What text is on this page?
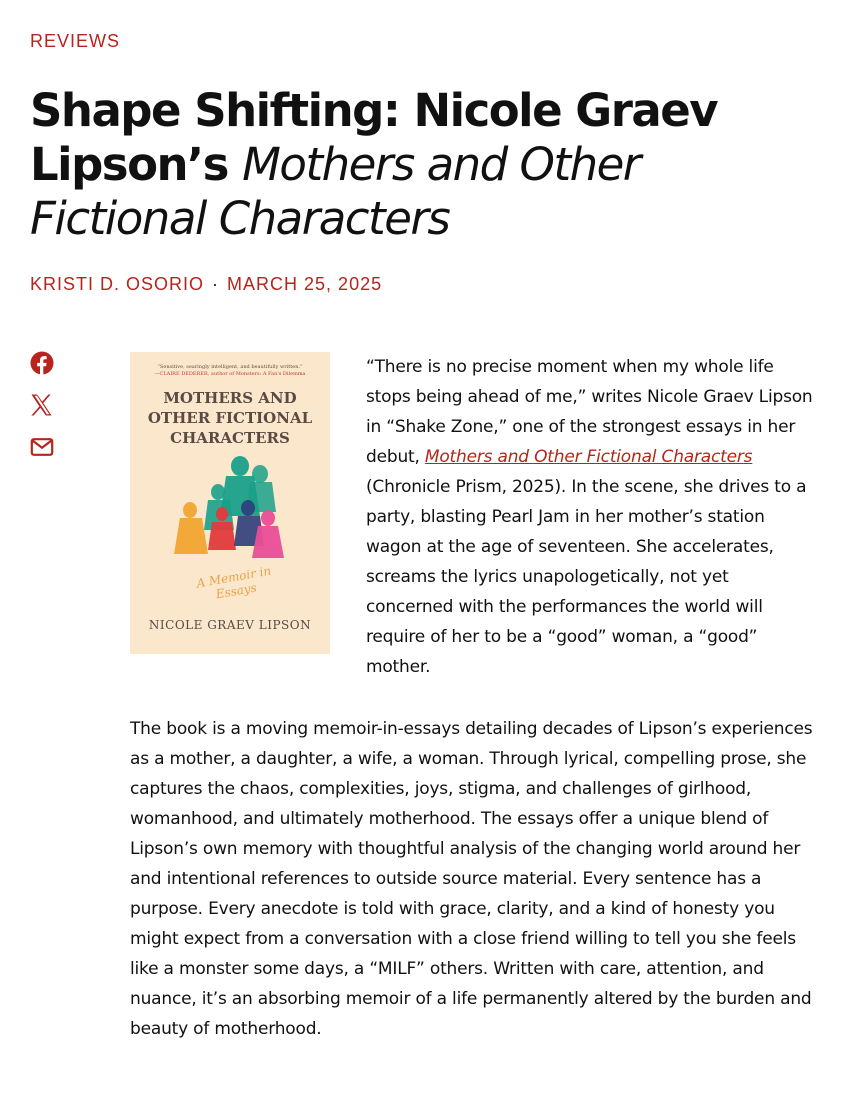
REVIEWS
Shape Shifting: Nicole Graev Lipson’s Mothers and Other Fictional Characters
KRISTI D. OSORIO · MARCH 25, 2025
“Sensitive, searingly intelligent, and beautifully written.”
—CLAIRE DEDERER, author of Monsters: A Fan's Dilemma
MOTHERS AND
OTHER FICTIONAL
CHARACTERS
A Memoir in Essays
NICOLE GRAEV LIPSON

“There is no precise moment when my whole life stops being ahead of me,” writes Nicole Graev Lipson in “Shake Zone,” one of the strongest essays in her debut, Mothers and Other Fictional Characters (Chronicle Prism, 2025). In the scene, she drives to a party, blasting Pearl Jam in her mother’s station wagon at the age of seventeen. She accelerates, screams the lyrics unapologetically, not yet concerned with the performances the world will require of her to be a “good” woman, a “good” mother.

The book is a moving memoir-in-essays detailing decades of Lipson’s experiences as a mother, a daughter, a wife, a woman. Through lyrical, compelling prose, she captures the chaos, complexities, joys, stigma, and challenges of girlhood, womanhood, and ultimately motherhood. The essays offer a unique blend of Lipson’s own memory with thoughtful analysis of the changing world around her and intentional references to outside source material. Every sentence has a purpose. Every anecdote is told with grace, clarity, and a kind of honesty you might expect from a conversation with a close friend willing to tell you she feels like a monster some days, a “MILF” others. Written with care, attention, and nuance, it’s an absorbing memoir of a life permanently altered by the burden and beauty of motherhood.
